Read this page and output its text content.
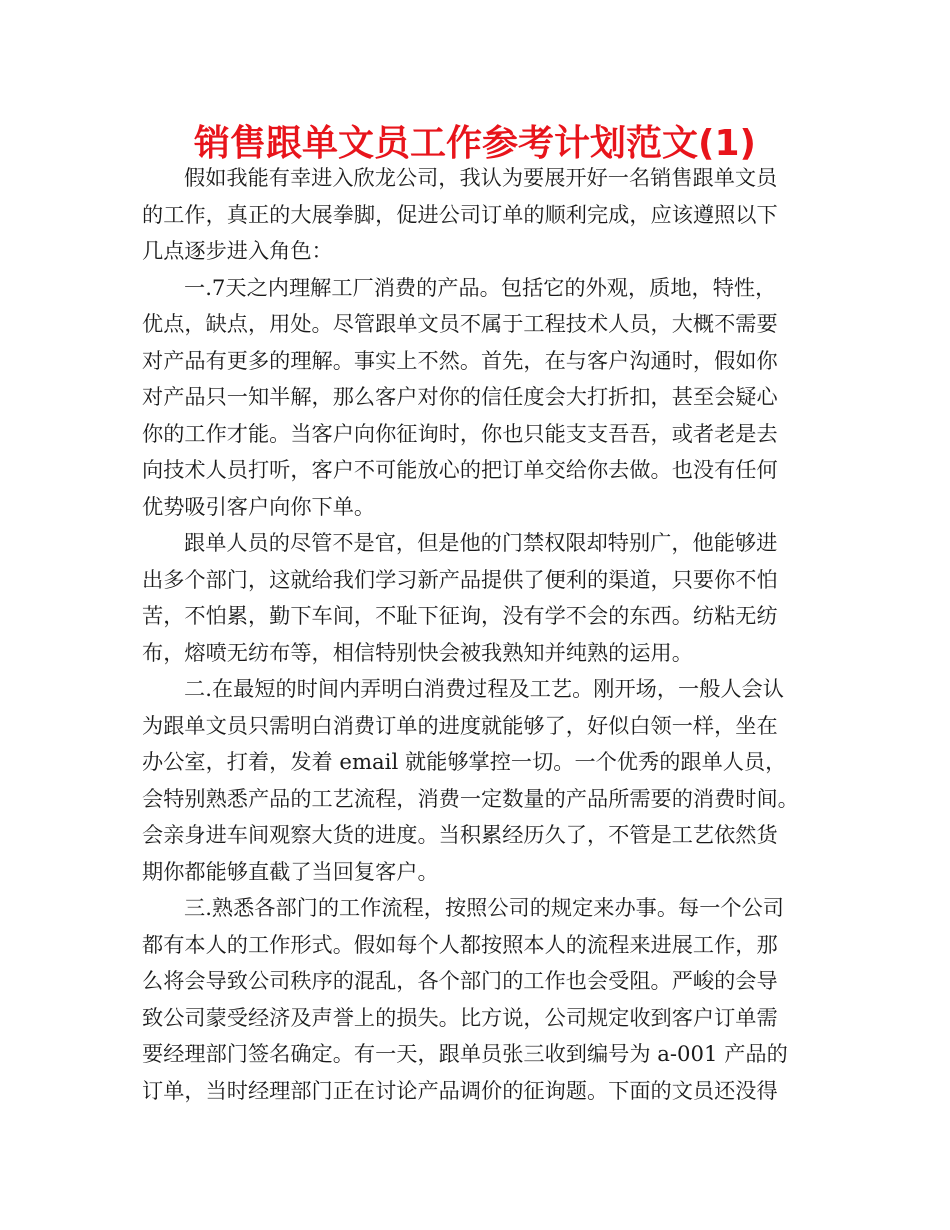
销售跟单文员工作参考计划范文(1)
假如我能有幸进入欣龙公司，我认为要展开好一名销售跟单文员
的工作，真正的大展拳脚，促进公司订单的顺利完成，应该遵照以下
几点逐步进入角色：
一.7天之内理解工厂消费的产品。包括它的外观，质地，特性，
优点，缺点，用处。尽管跟单文员不属于工程技术人员，大概不需要
对产品有更多的理解。事实上不然。首先，在与客户沟通时，假如你
对产品只一知半解，那么客户对你的信任度会大打折扣，甚至会疑心
你的工作才能。当客户向你征询时，你也只能支支吾吾，或者老是去
向技术人员打听，客户不可能放心的把订单交给你去做。也没有任何
优势吸引客户向你下单。
跟单人员的尽管不是官，但是他的门禁权限却特别广，他能够进
出多个部门，这就给我们学习新产品提供了便利的渠道，只要你不怕
苦，不怕累，勤下车间，不耻下征询，没有学不会的东西。纺粘无纺
布，熔喷无纺布等，相信特别快会被我熟知并纯熟的运用。
二.在最短的时间内弄明白消费过程及工艺。刚开场，一般人会认
为跟单文员只需明白消费订单的进度就能够了，好似白领一样，坐在
办公室，打着，发着 email 就能够掌控一切。一个优秀的跟单人员，
会特别熟悉产品的工艺流程，消费一定数量的产品所需要的消费时间。
会亲身进车间观察大货的进度。当积累经历久了，不管是工艺依然货
期你都能够直截了当回复客户。
三.熟悉各部门的工作流程，按照公司的规定来办事。每一个公司
都有本人的工作形式。假如每个人都按照本人的流程来进展工作，那
么将会导致公司秩序的混乱，各个部门的工作也会受阻。严峻的会导
致公司蒙受经济及声誉上的损失。比方说，公司规定收到客户订单需
要经理部门签名确定。有一天，跟单员张三收到编号为 a-001 产品的
订单，当时经理部门正在讨论产品调价的征询题。下面的文员还没得
